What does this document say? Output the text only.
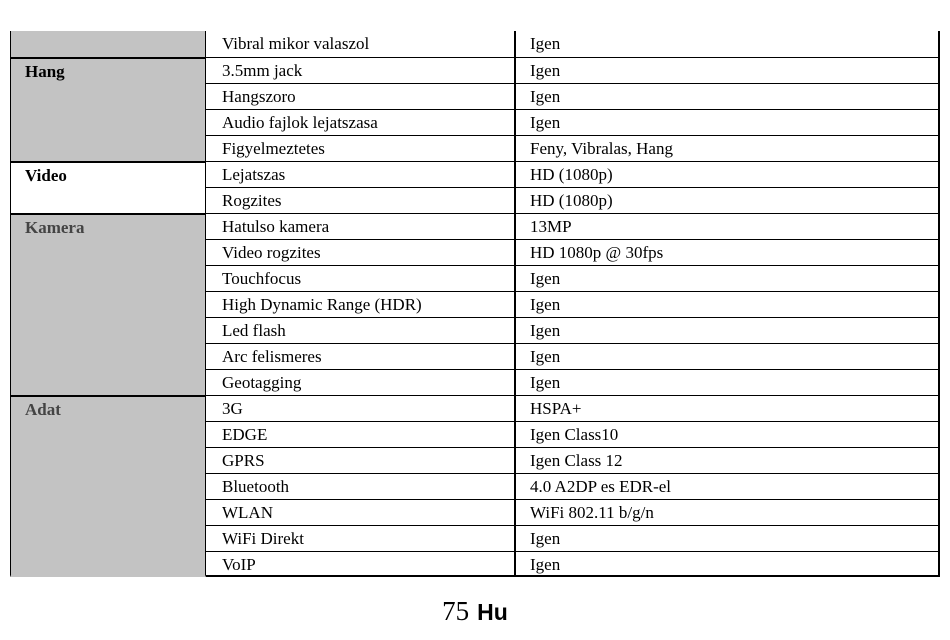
Vibral mikor valaszol	Igen
Hang	3.5mm jack	Igen
Hangszoro	Igen
Audio fajlok lejatszasa	Igen
Figyelmeztetes	Feny, Vibralas, Hang
Video	Lejatszas	HD (1080p)
Rogzites	HD (1080p)
Kamera	Hatulso kamera	13MP
Video rogzites	HD 1080p @ 30fps
Touchfocus	Igen
High Dynamic Range (HDR)	Igen
Led flash	Igen
Arc felismeres	Igen
Geotagging	Igen
Adat	3G	HSPA+
EDGE	Igen Class10
GPRS	Igen Class 12
Bluetooth	4.0 A2DP es EDR-el
WLAN	WiFi 802.11 b/g/n
WiFi Direkt	Igen
VoIP	Igen
75 Hu
